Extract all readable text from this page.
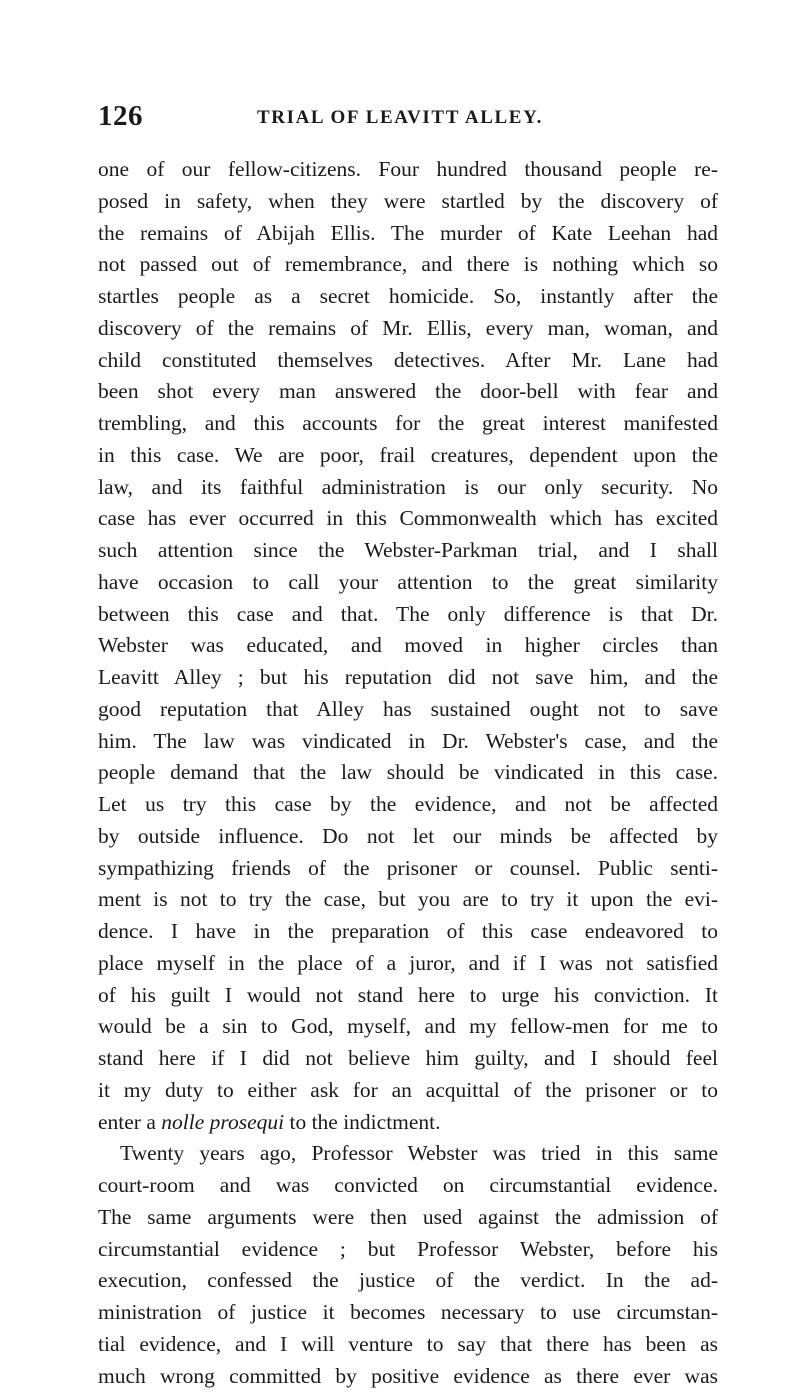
126	TRIAL OF LEAVITT ALLEY.
one of our fellow-citizens. Four hundred thousand people re-
posed in safety, when they were startled by the discovery of
the remains of Abijah Ellis. The murder of Kate Leehan had
not passed out of remembrance, and there is nothing which so
startles people as a secret homicide. So, instantly after the
discovery of the remains of Mr. Ellis, every man, woman, and
child constituted themselves detectives. After Mr. Lane had
been shot every man answered the door-bell with fear and
trembling, and this accounts for the great interest manifested
in this case. We are poor, frail creatures, dependent upon the
law, and its faithful administration is our only security. No
case has ever occurred in this Commonwealth which has excited
such attention since the Webster-Parkman trial, and I shall
have occasion to call your attention to the great similarity
between this case and that. The only difference is that Dr.
Webster was educated, and moved in higher circles than
Leavitt Alley ; but his reputation did not save him, and the
good reputation that Alley has sustained ought not to save
him. The law was vindicated in Dr. Webster's case, and the
people demand that the law should be vindicated in this case.
Let us try this case by the evidence, and not be affected
by outside influence. Do not let our minds be affected by
sympathizing friends of the prisoner or counsel. Public senti-
ment is not to try the case, but you are to try it upon the evi-
dence. I have in the preparation of this case endeavored to
place myself in the place of a juror, and if I was not satisfied
of his guilt I would not stand here to urge his conviction. It
would be a sin to God, myself, and my fellow-men for me to
stand here if I did not believe him guilty, and I should feel
it my duty to either ask for an acquittal of the prisoner or to
enter a nolle prosequi to the indictment.
Twenty years ago, Professor Webster was tried in this same
court-room and was convicted on circumstantial evidence.
The same arguments were then used against the admission of
circumstantial evidence ; but Professor Webster, before his
execution, confessed the justice of the verdict. In the ad-
ministration of justice it becomes necessary to use circumstan-
tial evidence, and I will venture to say that there has been as
much wrong committed by positive evidence as there ever was
